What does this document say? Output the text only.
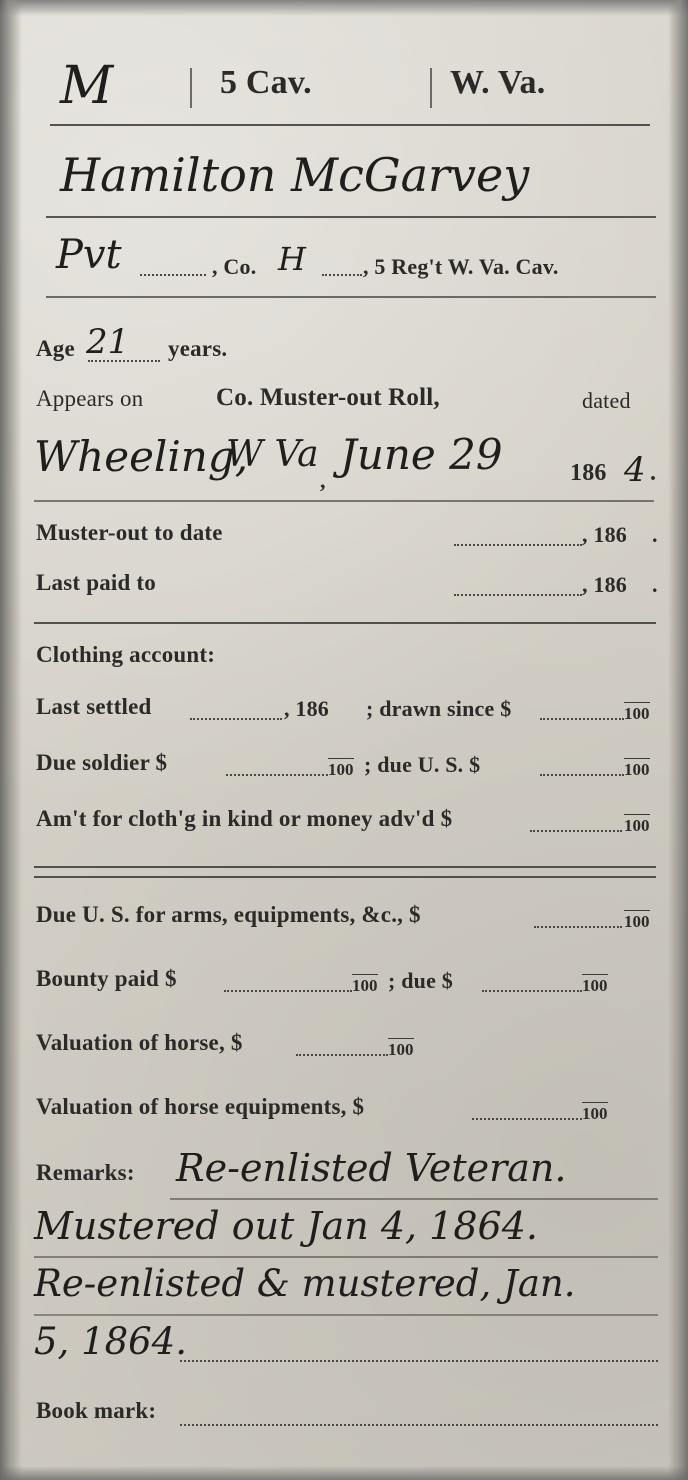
M	5 Cav.	W. Va.
Hamilton McGarvey
Pvt	, Co. H	, 5 Reg't W. Va. Cav.
Age 21 years.
Appears on	Co. Muster-out Roll,	dated
Wheeling,
W Va
,
June 29	186 4 .
Muster-out to date	, 186 .
Last paid to	, 186 .
Clothing account:
Last settled	, 186 ; drawn since $	100
Due soldier $	100 ; due U. S. $	100
Am't for cloth'g in kind or money adv'd $	100
Due U. S. for arms, equipments, &c., $	100
Bounty paid $	100 ; due $	100
Valuation of horse, $	100
Valuation of horse equipments, $	100
Remarks: Re-enlisted Veteran.
Mustered out Jan 4, 1864.
Re-enlisted & mustered, Jan.
5, 1864.
Book mark:
